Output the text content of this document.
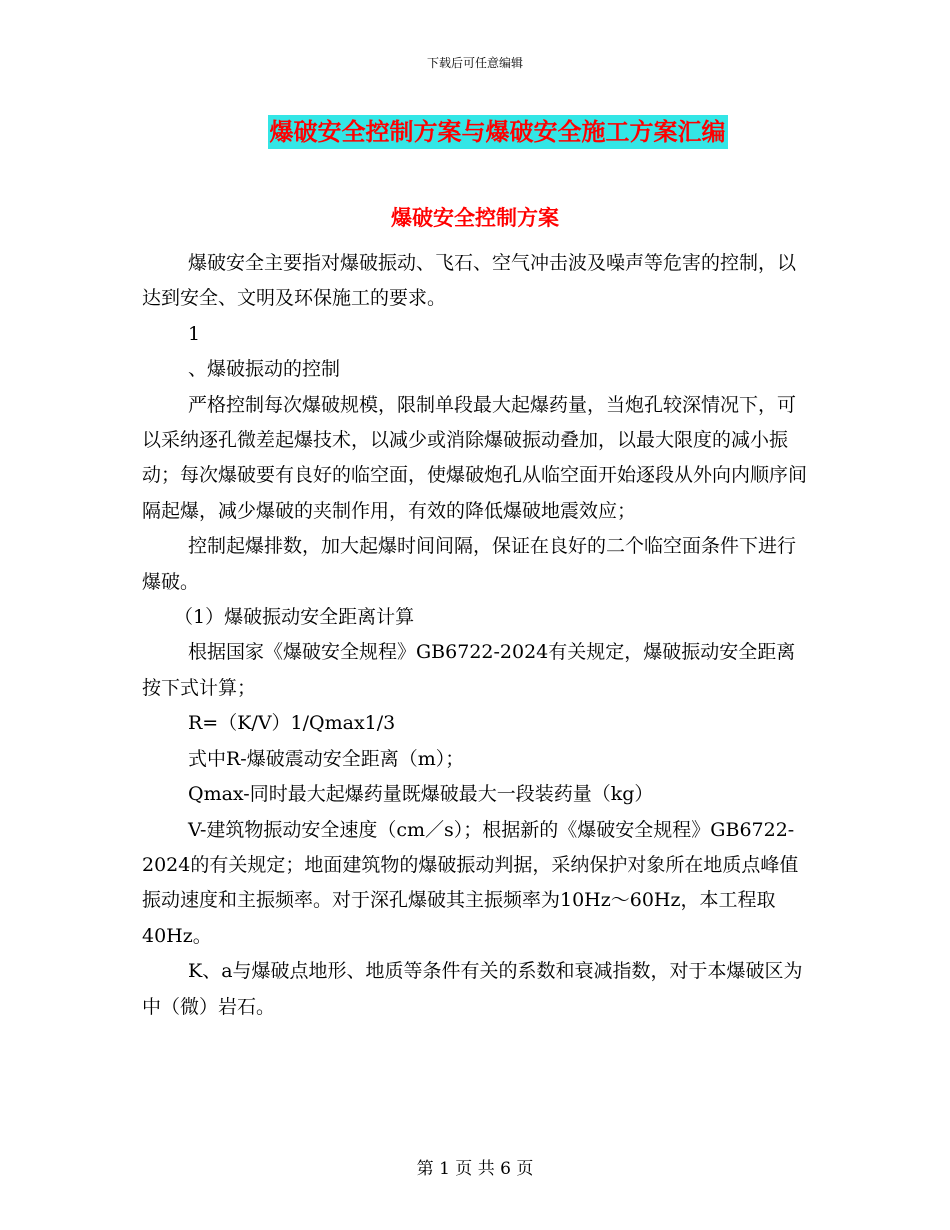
下载后可任意编辑
爆破安全控制方案与爆破安全施工方案汇编
爆破安全控制方案

爆破安全主要指对爆破振动、飞石、空气冲击波及噪声等危害的控制，以达到安全、文明及环保施工的要求。

1

、爆破振动的控制

严格控制每次爆破规模，限制单段最大起爆药量，当炮孔较深情况下，可以采纳逐孔微差起爆技术，以减少或消除爆破振动叠加，以最大限度的减小振动；每次爆破要有良好的临空面，使爆破炮孔从临空面开始逐段从外向内顺序间隔起爆，减少爆破的夹制作用，有效的降低爆破地震效应；

控制起爆排数，加大起爆时间间隔，保证在良好的二个临空面条件下进行爆破。

（1）爆破振动安全距离计算

根据国家《爆破安全规程》GB6722-2024有关规定，爆破振动安全距离按下式计算；

R=（K/V）1/Qmax1/3

式中R-爆破震动安全距离（m）；

Qmax-同时最大起爆药量既爆破最大一段装药量（kg）

V-建筑物振动安全速度（cm／s）；根据新的《爆破安全规程》GB6722-2024的有关规定；地面建筑物的爆破振动判据，采纳保护对象所在地质点峰值振动速度和主振频率。对于深孔爆破其主振频率为10Hz～60Hz，本工程取40Hz。

K、a与爆破点地形、地质等条件有关的系数和衰减指数，对于本爆破区为中（微）岩石。

第 1 页 共 6 页
